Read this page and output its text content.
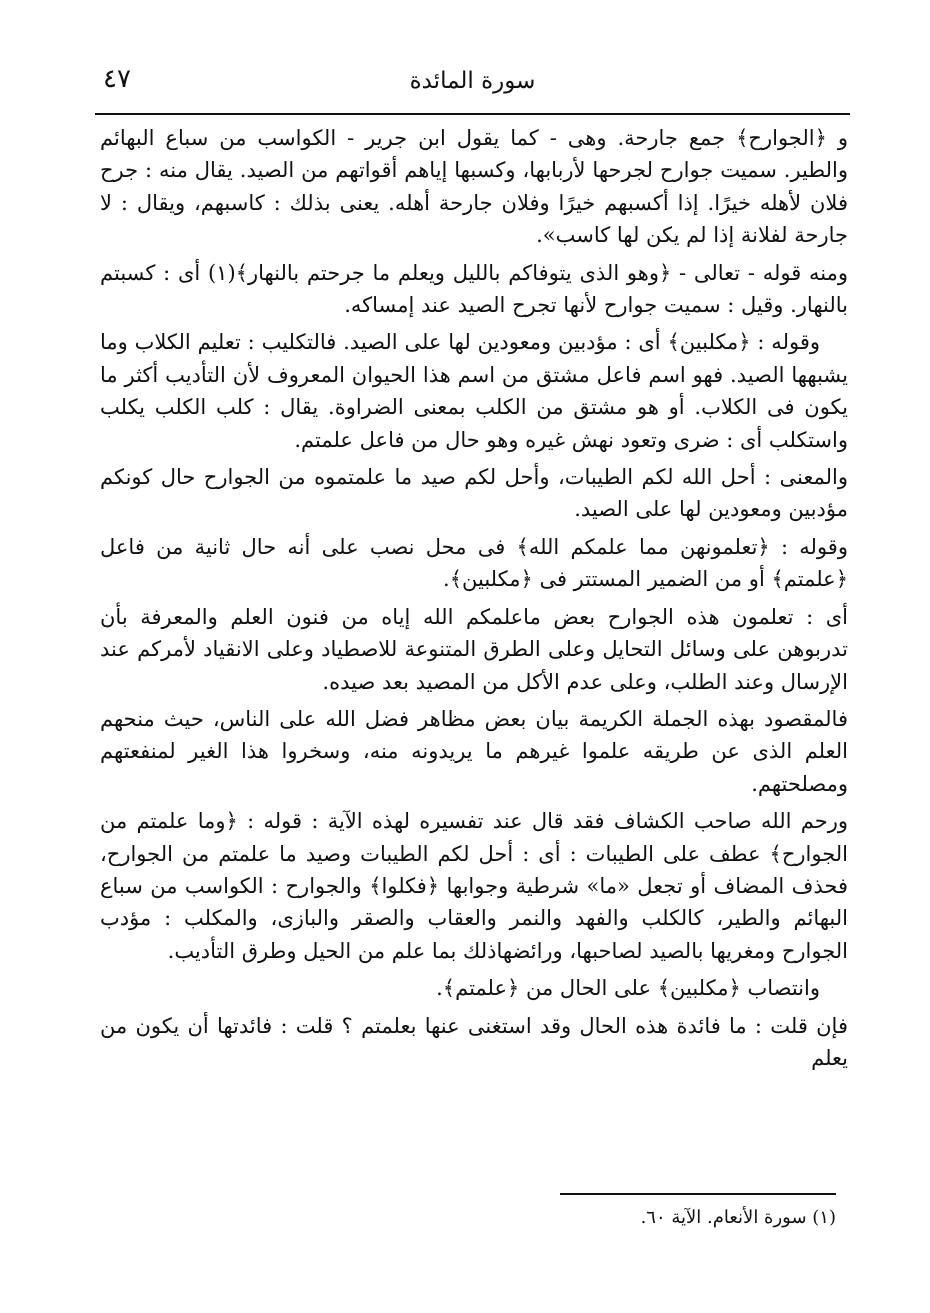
سورة المائدة
٤٧

و ﴿الجوارح﴾ جمع جارحة. وهى - كما يقول ابن جرير - الكواسب من سباع البهائم والطير. سميت جوارح لجرحها لأربابها، وكسبها إياهم أقواتهم من الصيد. يقال منه : جرح فلان لأهله خيرًا. إذا أكسبهم خيرًا وفلان جارحة أهله. يعنى بذلك : كاسبهم، ويقال : لا جارحة لفلانة إذا لم يكن لها كاسب».

ومنه قوله - تعالى - ﴿وهو الذى يتوفاكم بالليل ويعلم ما جرحتم بالنهار﴾(١) أى : كسبتم بالنهار. وقيل : سميت جوارح لأنها تجرح الصيد عند إمساكه.

وقوله : ﴿مكلبين﴾ أى : مؤدبين ومعودين لها على الصيد. فالتكليب : تعليم الكلاب وما يشبهها الصيد. فهو اسم فاعل مشتق من اسم هذا الحيوان المعروف لأن التأديب أكثر ما يكون فى الكلاب. أو هو مشتق من الكلب بمعنى الضراوة. يقال : كلب الكلب يكلب واستكلب أى : ضرى وتعود نهش غيره وهو حال من فاعل علمتم.

والمعنى : أحل الله لكم الطيبات، وأحل لكم صيد ما علمتموه من الجوارح حال كونكم مؤدبين ومعودين لها على الصيد.

وقوله : ﴿تعلمونهن مما علمكم الله﴾ فى محل نصب على أنه حال ثانية من فاعل ﴿علمتم﴾ أو من الضمير المستتر فى ﴿مكلبين﴾.

أى : تعلمون هذه الجوارح بعض ماعلمكم الله إياه من فنون العلم والمعرفة بأن تدربوهن على وسائل التحايل وعلى الطرق المتنوعة للاصطياد وعلى الانقياد لأمركم عند الإرسال وعند الطلب، وعلى عدم الأكل من المصيد بعد صيده.

فالمقصود بهذه الجملة الكريمة بيان بعض مظاهر فضل الله على الناس، حيث منحهم العلم الذى عن طريقه علموا غيرهم ما يريدونه منه، وسخروا هذا الغير لمنفعتهم ومصلحتهم.

ورحم الله صاحب الكشاف فقد قال عند تفسيره لهذه الآية : قوله : ﴿وما علمتم من الجوارح﴾ عطف على الطيبات : أى : أحل لكم الطيبات وصيد ما علمتم من الجوارح، فحذف المضاف أو تجعل «ما» شرطية وجوابها ﴿فكلوا﴾ والجوارح : الكواسب من سباع البهائم والطير، كالكلب والفهد والنمر والعقاب والصقر والبازى، والمكلب : مؤدب الجوارح ومغريها بالصيد لصاحبها، ورائضهاذلك بما علم من الحيل وطرق التأديب.

وانتصاب ﴿مكلبين﴾ على الحال من ﴿علمتم﴾.

فإن قلت : ما فائدة هذه الحال وقد استغنى عنها بعلمتم ؟ قلت : فائدتها أن يكون من يعلم

(١) سورة الأنعام. الآية ٦٠.
